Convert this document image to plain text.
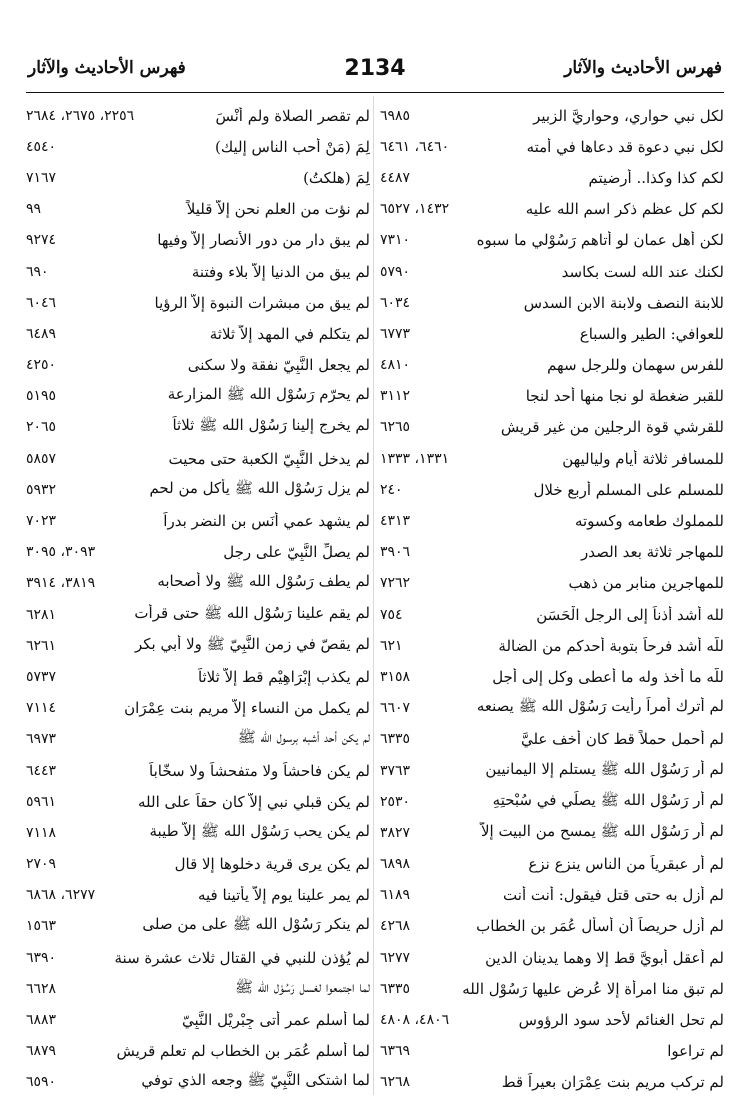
فهرس الأحاديث والآثار
2134
فهرس الأحاديث والآثار
لم تقصر الصلاة ولم أنْسَ
٢٢٥٦، ٢٦٧٥، ٢٦٨٤
لِمَ (مَنْ أحب الناس إليك)
٤٥٤٠
لِمَ (هلكتُ)
٧١٦٧
لم نؤت من العلم نحن إلاّ قليلاً
٩٩
لم يبق دار من دور الأنصار إلاّ وفيها
٩٢٧٤
لم يبق من الدنيا إلاّ بلاء وفتنة
٦٩٠
لم يبق من مبشرات النبوة إلاّ الرؤيا
٦٠٤٦
لم يتكلم في المهد إلاّ ثلاثة
٦٤٨٩
لم يجعل النَّبِيّ نفقة ولا سكنى
٤٢٥٠
لم يحرّم رَسُوْل الله ﷺ المزارعة
٥١٩٥
لم يخرج إلينا رَسُوْل الله ﷺ ثلاثاً
٢٠٦٥
لم يدخل النَّبِيّ الكعبة حتى محيت
٥٨٥٧
لم يزل رَسُوْل الله ﷺ يأكل من لحم
٥٩٣٢
لم يشهد عمي أنَس بن النضر بدراً
٧٠٢٣
لم يصلِّ النَّبِيّ على رجل
٣٠٩٣، ٣٠٩٥
لم يطف رَسُوْل الله ﷺ ولا أصحابه
٣٨١٩، ٣٩١٤
لم يقم علينا رَسُوْل الله ﷺ حتى قرأت
٦٢٨١
لم يقصّ في زمن النَّبِيّ ﷺ ولا أبي بكر
٦٢٦١
لم يكذب إبْرَاهِيْم قط إلاّ ثلاثاً
٥٧٣٧
لم يكمل من النساء إلاّ مريم بنت عِمْرَان
٧١١٤
لم يكن أحد أشبه برسول الله ﷺ
٦٩٧٣
لم يكن فاحشاً ولا متفحشاً ولا سخّاباً
٦٤٤٣
لم يكن قبلي نبي إلاّ كان حقاً على الله
٥٩٦١
لم يكن يحب رَسُوْل الله ﷺ إلاّ طيبة
٧١١٨
لم يكن يرى قرية دخلوها إلا قال
٢٧٠٩
لم يمر علينا يوم إلاّ يأتينا فيه
٦٢٧٧، ٦٨٦٨
لم ينكر رَسُوْل الله ﷺ على من صلى
١٥٦٣
لم يُؤذن للنبي في القتال ثلاث عشرة سنة
٦٣٩٠
لما اجتمعوا لغسل رَسُوْل الله ﷺ
٦٦٢٨
لما أسلم عمر أتى جِبْرِيْل النَّبِيّ
٦٨٨٣
لما أسلم عُمَر بن الخطاب لم تعلم قريش
٦٨٧٩
لما اشتكى النَّبِيّ ﷺ وجعه الذي توفي
٦٥٩٠
لكل نبي حواري، وحواريَّ الزبير
٦٩٨٥
لكل نبي دعوة قد دعاها في أمته
٦٤٦٠، ٦٤٦١
لكم كذا وكذا.. أرضيتم
٤٤٨٧
لكم كل عظم ذكر اسم الله عليه
١٤٣٢، ٦٥٢٧
لكن أهل عمان لو أتاهم رَسُوْلي ما سبوه
٧٣١٠
لكنك عند الله لست بكاسد
٥٧٩٠
للابنة النصف ولابنة الابن السدس
٦٠٣٤
للعوافي: الطير والسباع
٦٧٧٣
للفرس سهمان وللرجل سهم
٤٨١٠
للقبر ضغطة لو نجا منها أحد لنجا
٣١١٢
للقرشي قوة الرجلين من غير قريش
٦٢٦٥
للمسافر ثلاثة أيام ولياليهن
١٣٣١، ١٣٣٣
للمسلم على المسلم أربع خلال
٢٤٠
للمملوك طعامه وكسوته
٤٣١٣
للمهاجر ثلاثة بعد الصدر
٣٩٠٦
للمهاجرين منابر من ذهب
٧٢٦٢
لله أشد أذناً إلى الرجل الْحَسَن
٧٥٤
للّه أشد فرحاً بتوبة أحدكم من الضالة
٦٢١
للّه ما أخذ وله ما أعطى وكل إلى أجل
٣١٥٨
لم أترك أمراً رأيت رَسُوْل الله ﷺ يصنعه
٦٦٠٧
لم أحمل حملاً قط كان أخف عليَّ
٦٣٣٥
لم أر رَسُوْل الله ﷺ يستلم إلا اليمانيين
٣٧٦٣
لم أر رَسُوْل الله ﷺ يصلِّي في سُبْحتِهِ
٢٥٣٠
لم أر رَسُوْل الله ﷺ يمسح من البيت إلاّ
٣٨٢٧
لم أر عبقرياً من الناس ينزع نزع
٦٨٩٨
لم أزل به حتى قتل فيقول: أنت أنت
٦١٨٩
لم أزل حريصاً أن أسأل عُمَر بن الخطاب
٤٢٦٨
لم أعقل أبويَّ قط إلا وهما يدينان الدين
٦٢٧٧
لم تبق منا امرأة إلا عُرض عليها رَسُوْل الله
٦٣٣٥
لم تحل الغنائم لأحد سود الرؤوس
٤٨٠٦، ٤٨٠٨
لم تراعوا
٦٣٦٩
لم تركب مريم بنت عِمْرَان بعيراً قط
٦٢٦٨
